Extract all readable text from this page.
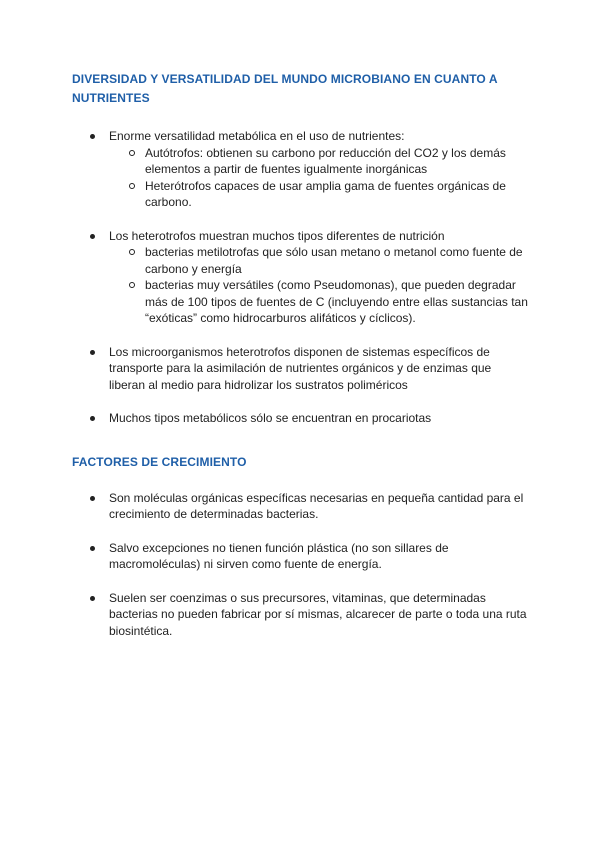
DIVERSIDAD Y VERSATILIDAD DEL MUNDO MICROBIANO EN CUANTO A NUTRIENTES
Enorme versatilidad metabólica en el uso de nutrientes:
Autótrofos: obtienen su carbono por reducción del CO2 y los demás elementos a partir de fuentes igualmente inorgánicas
Heterótrofos capaces de usar amplia gama de fuentes orgánicas de carbono.
Los heterotrofos muestran muchos tipos diferentes de nutrición
bacterias metilotrofas que sólo usan metano o metanol como fuente de carbono y energía
bacterias muy versátiles (como Pseudomonas), que pueden degradar más de 100 tipos de fuentes de C (incluyendo entre ellas sustancias tan “exóticas” como hidrocarburos alifáticos y cíclicos).
Los microorganismos heterotrofos disponen de sistemas específicos de transporte para la asimilación de nutrientes orgánicos y de enzimas que liberan al medio para hidrolizar los sustratos poliméricos
Muchos tipos metabólicos sólo se encuentran en procariotas
FACTORES DE CRECIMIENTO
Son moléculas orgánicas específicas necesarias en pequeña cantidad para el crecimiento de determinadas bacterias.
Salvo excepciones no tienen función plástica (no son sillares de macromoléculas) ni sirven como fuente de energía.
Suelen ser coenzimas o sus precursores, vitaminas, que determinadas bacterias no pueden fabricar por sí mismas, alcarecer de parte o toda una ruta biosintética.
